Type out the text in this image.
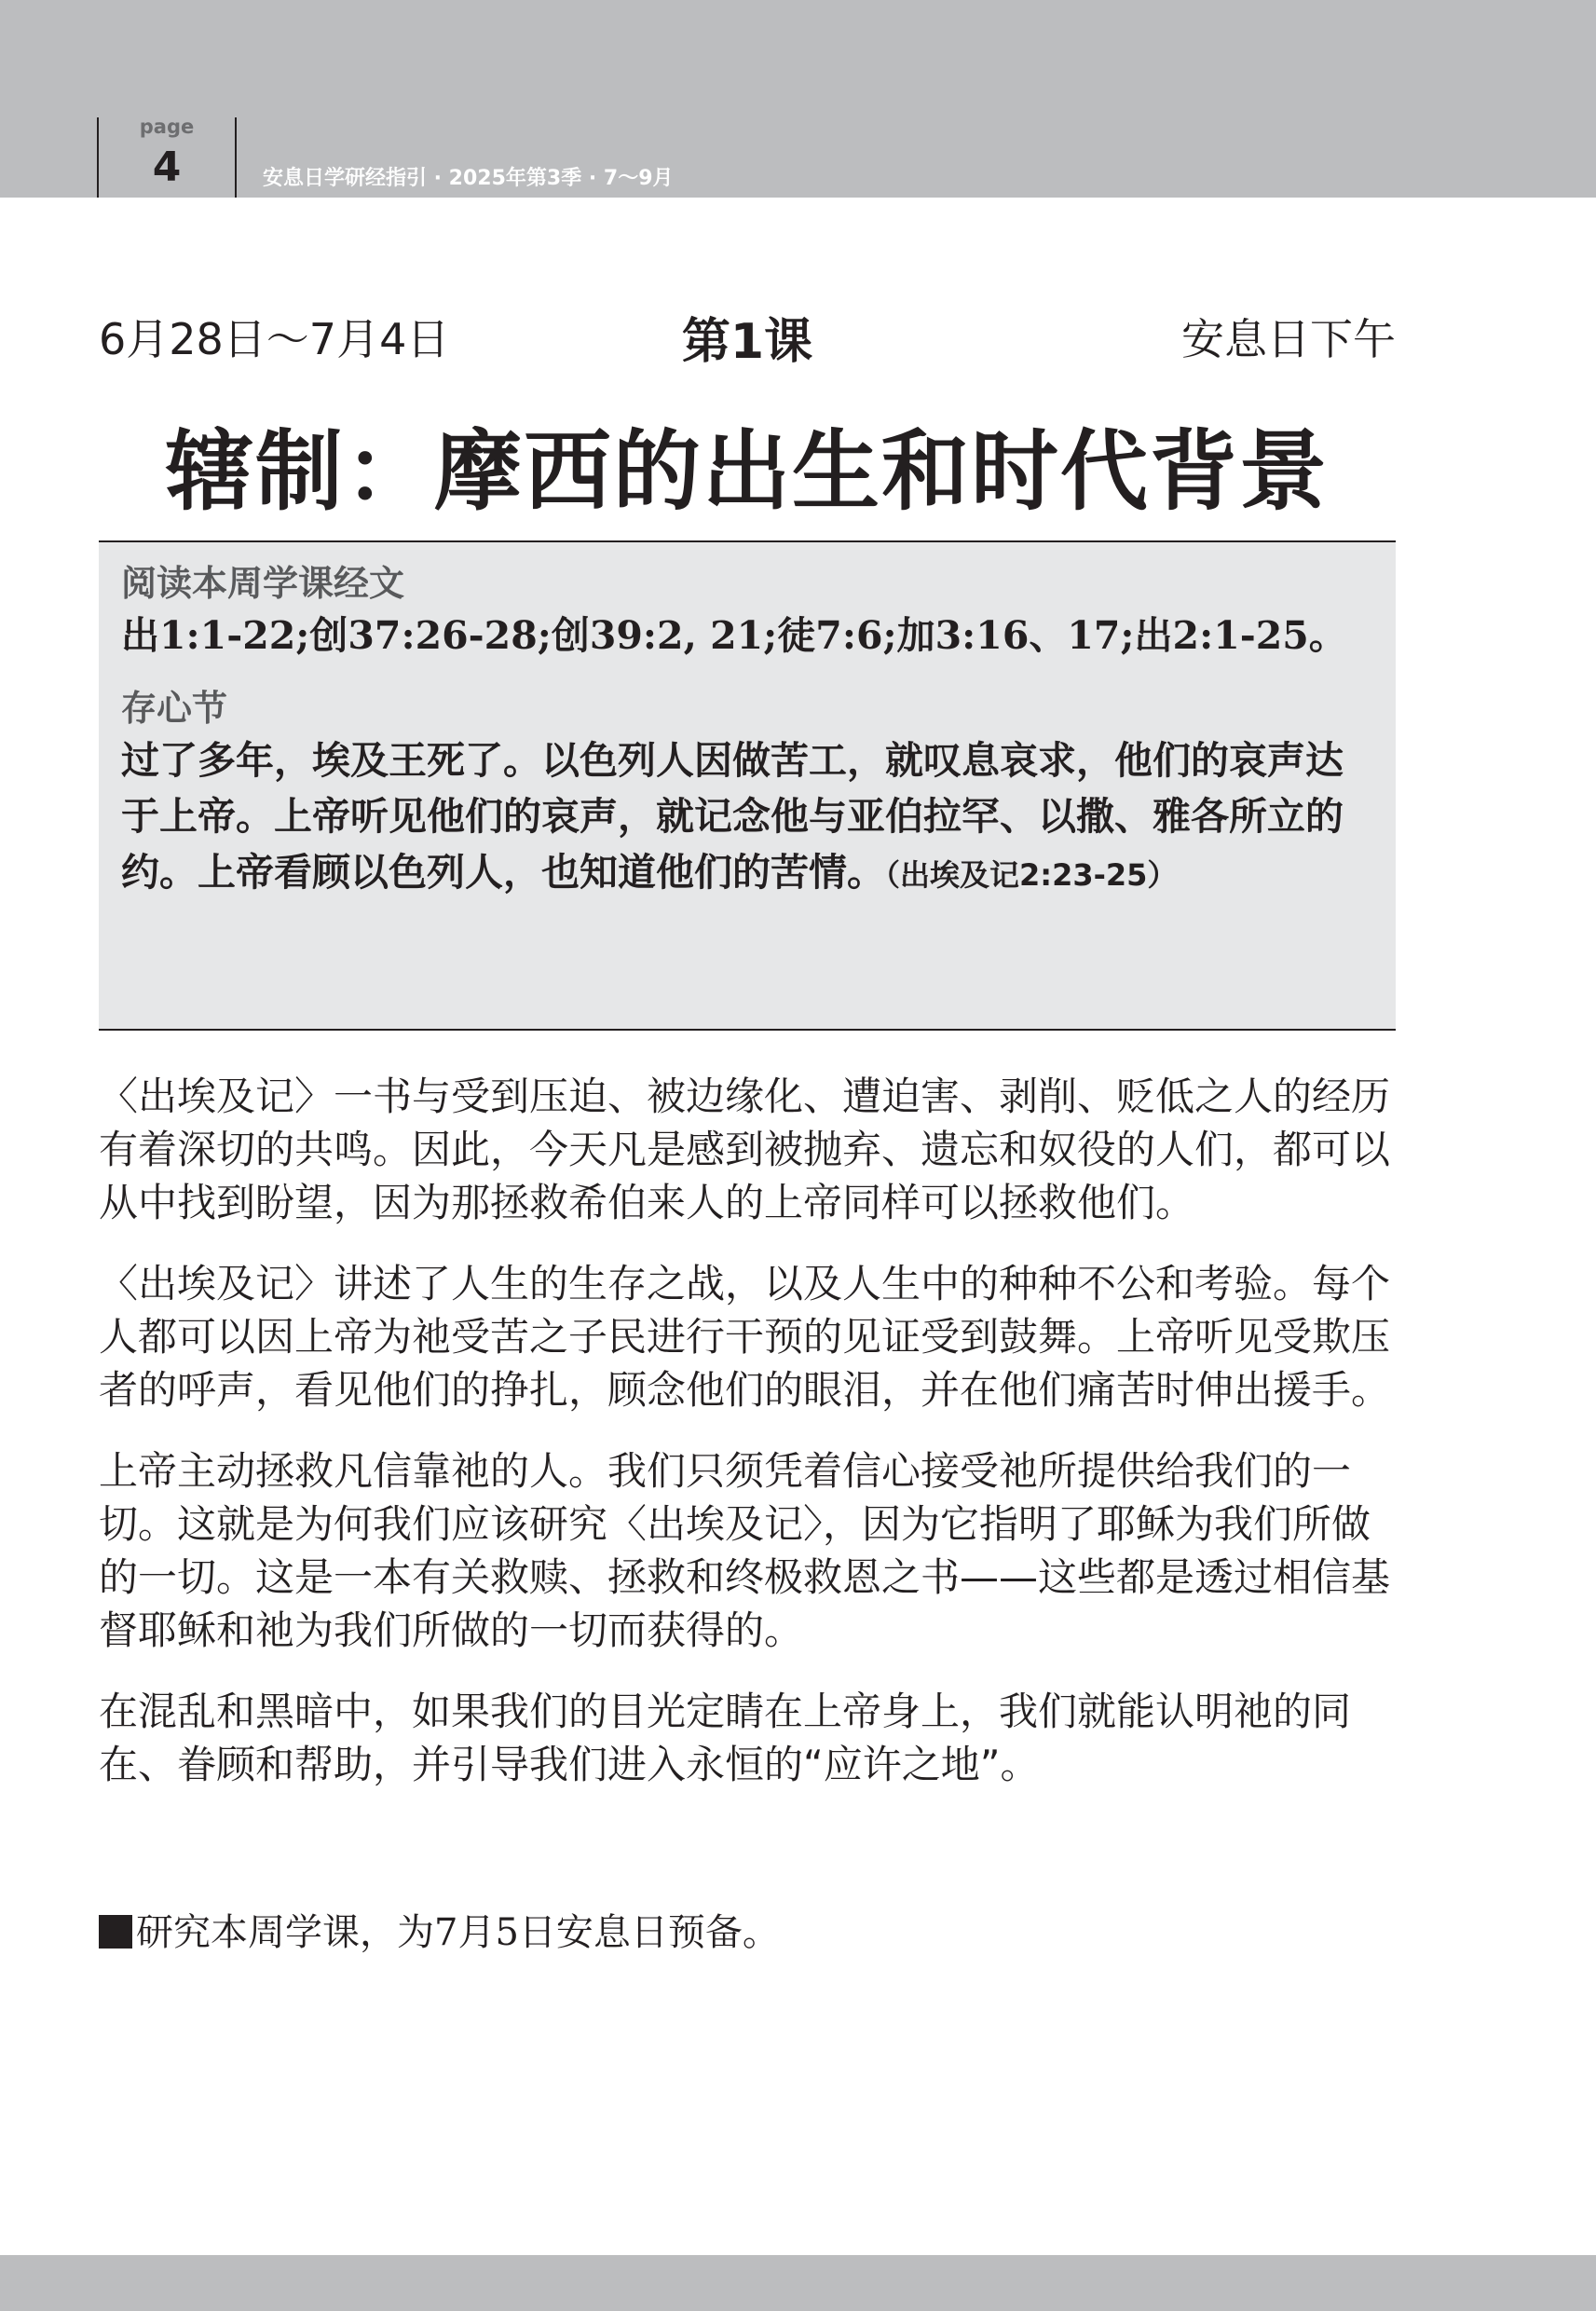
page
4	安息日学研经指引 · 2025年第3季 · 7～9月
6月28日～7月4日	第1课	安息日下午
辖制：摩西的出生和时代背景
阅读本周学课经文
出1:1-22;创37:26-28;创39:2, 21;徒7:6;加3:16、17;出2:1-25。
存心节
过了多年，埃及王死了。以色列人因做苦工，就叹息哀求，他们的哀声达于上帝。上帝听见他们的哀声，就记念他与亚伯拉罕、以撒、雅各所立的约。上帝看顾以色列人，也知道他们的苦情。（出埃及记2:23-25）

〈出埃及记〉一书与受到压迫、被边缘化、遭迫害、剥削、贬低之人的经历有着深切的共鸣。因此，今天凡是感到被抛弃、遗忘和奴役的人们，都可以从中找到盼望，因为那拯救希伯来人的上帝同样可以拯救他们。

〈出埃及记〉讲述了人生的生存之战，以及人生中的种种不公和考验。每个人都可以因上帝为祂受苦之子民进行干预的见证受到鼓舞。上帝听见受欺压者的呼声，看见他们的挣扎，顾念他们的眼泪，并在他们痛苦时伸出援手。

上帝主动拯救凡信靠祂的人。我们只须凭着信心接受祂所提供给我们的一切。这就是为何我们应该研究〈出埃及记〉，因为它指明了耶稣为我们所做的一切。这是一本有关救赎、拯救和终极救恩之书——这些都是透过相信基督耶稣和祂为我们所做的一切而获得的。

在混乱和黑暗中，如果我们的目光定睛在上帝身上，我们就能认明祂的同在、眷顾和帮助，并引导我们进入永恒的“应许之地”。

研究本周学课，为7月5日安息日预备。
